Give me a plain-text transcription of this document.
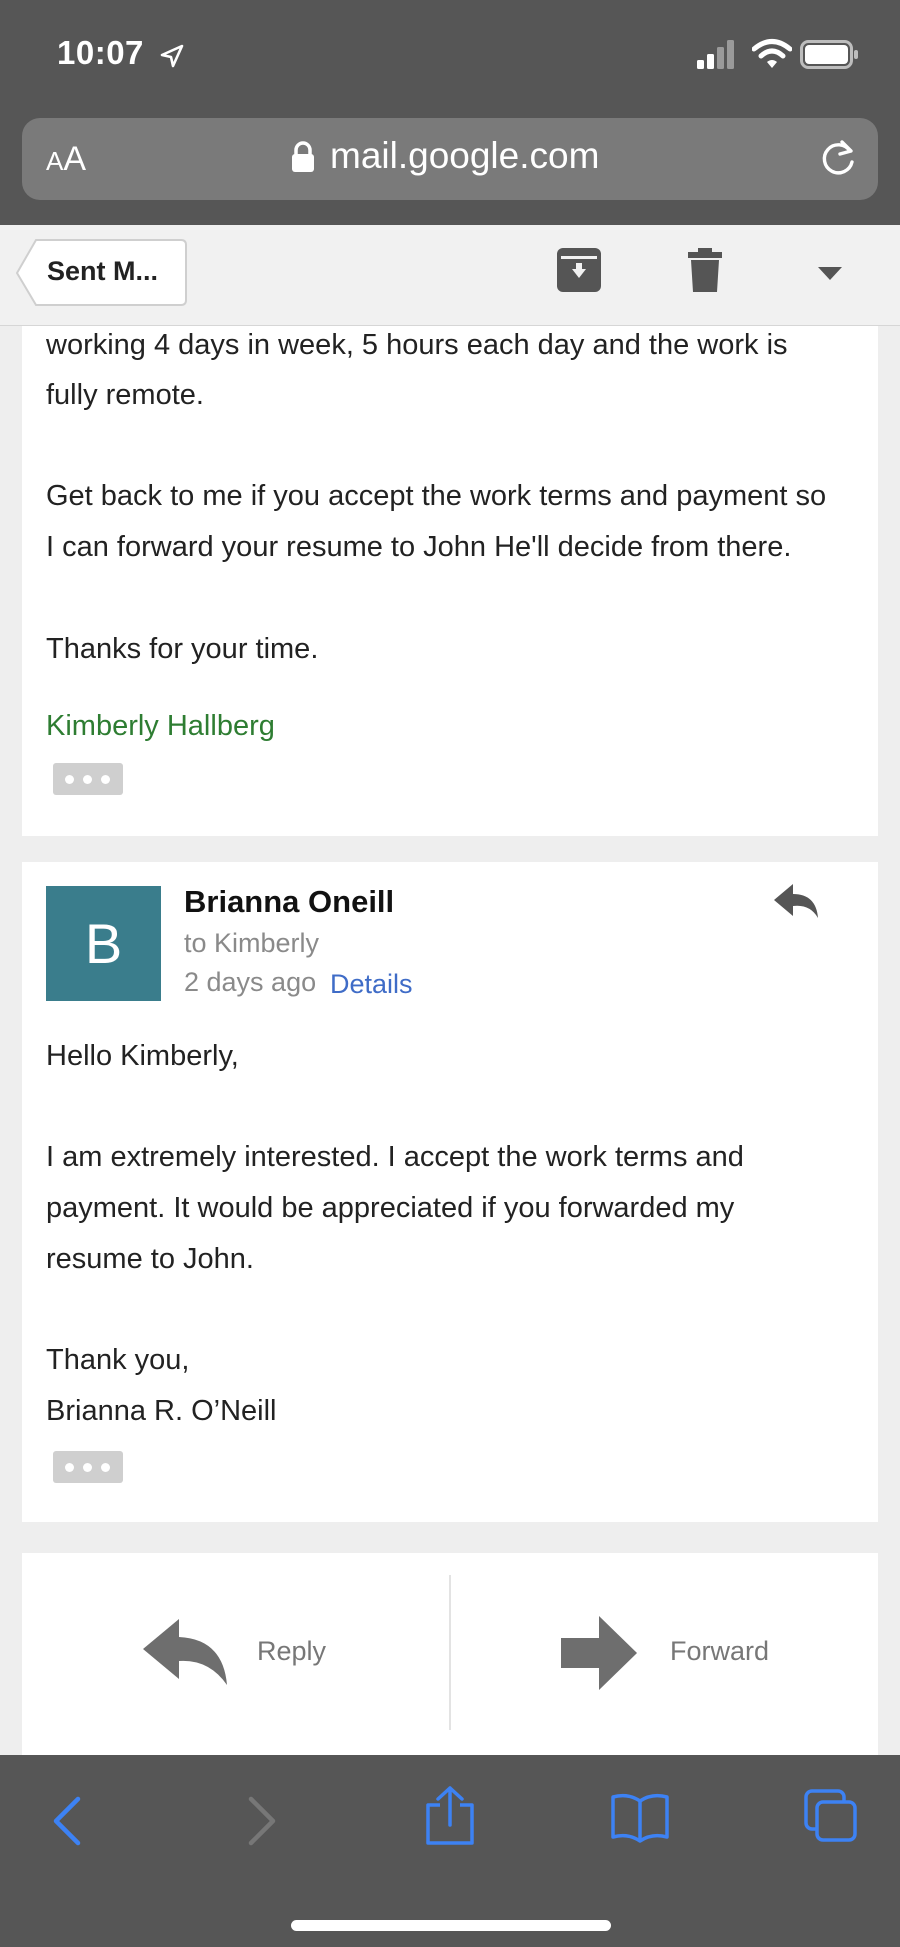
10:07
AA	mail.google.com
Sent M...
working 4 days in week, 5 hours each day and the work is
fully remote.
Get back to me if you accept the work terms and payment so
I can forward your resume to John He'll decide from there.
Thanks for your time.
Kimberly Hallberg
B
Brianna Oneill
to Kimberly
2 days ago Details
Hello Kimberly,
I am extremely interested. I accept the work terms and
payment. It would be appreciated if you forwarded my
resume to John.
Thank you,
Brianna R. O’Neill
Reply	Forward
